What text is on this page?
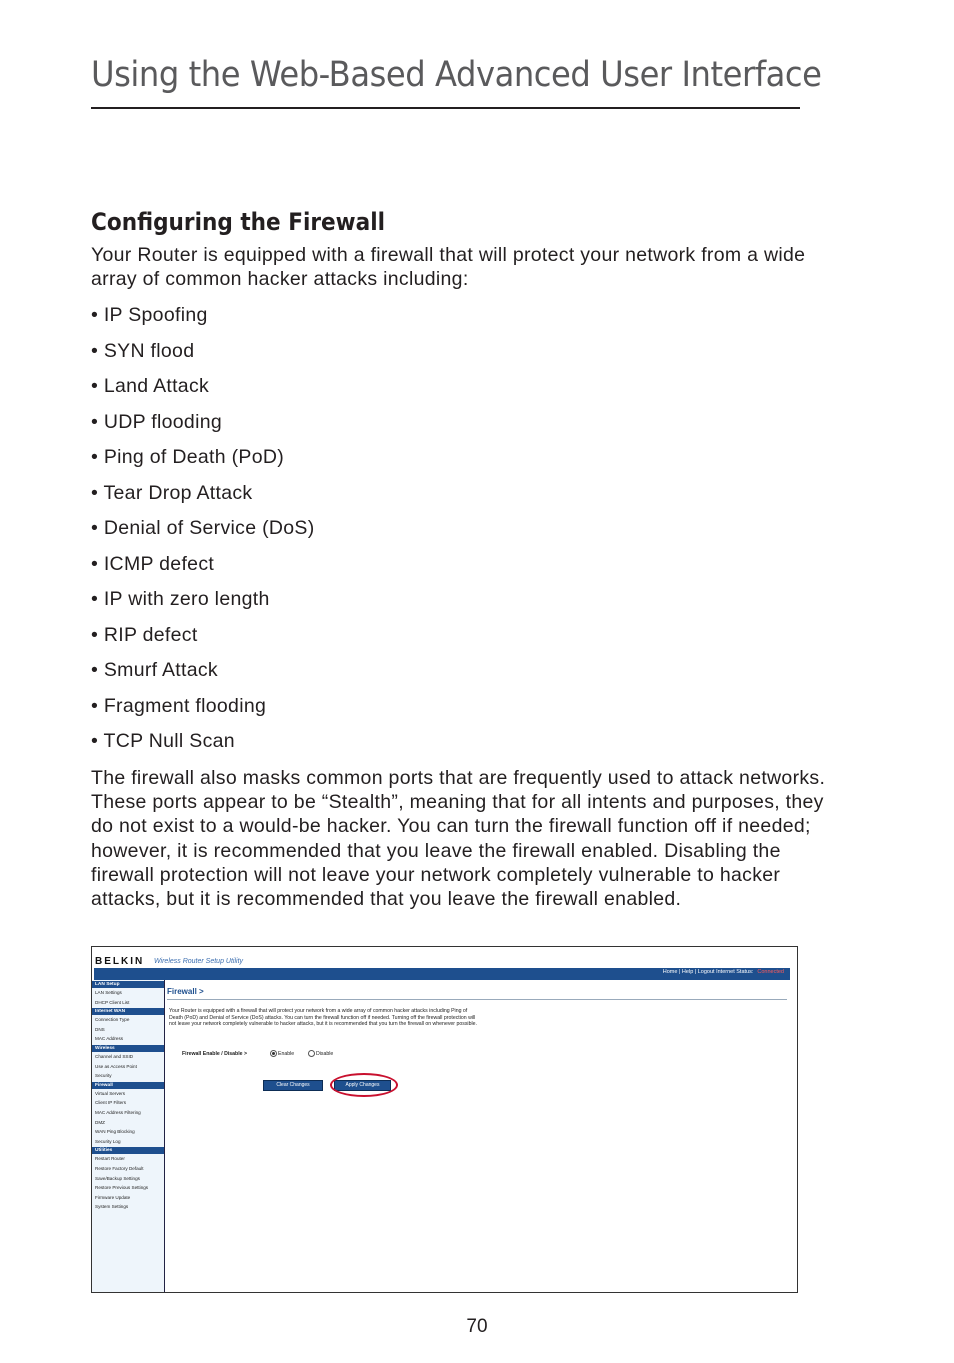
Using the Web-Based Advanced User Interface
Configuring the Firewall

Your Router is equipped with a firewall that will protect your network from a wide array of common hacker attacks including:

• IP Spoofing
• SYN flood
• Land Attack
• UDP flooding
• Ping of Death (PoD)
• Tear Drop Attack
• Denial of Service (DoS)
• ICMP defect
• IP with zero length
• RIP defect
• Smurf Attack
• Fragment flooding
• TCP Null Scan

The firewall also masks common ports that are frequently used to attack networks. These ports appear to be “Stealth”, meaning that for all intents and purposes, they do not exist to a would-be hacker. You can turn the firewall function off if needed; however, it is recommended that you leave the firewall enabled. Disabling the firewall protection will not leave your network completely vulnerable to hacker attacks, but it is recommended that you leave the firewall enabled.

BELKIN Wireless Router Setup Utility
Home | Help | Logout Internet Status: Connected
LAN Setup
LAN Settings
DHCP Client List
Internet WAN
Connection Type
DNS
MAC Address
Wireless
Channel and SSID
Use as Access Point
Security
Firewall
Virtual Servers
Client IP Filters
MAC Address Filtering
DMZ
WAN Ping Blocking
Security Log
Utilities
Restart Router
Restore Factory Default
Save/Backup Settings
Restore Previous Settings
Firmware Update
System Settings
Firewall >

Your Router is equipped with a firewall that will protect your network from a wide array of common hacker attacks including Ping of Death (PoD) and Denial of Service (DoS) attacks. You can turn the firewall function off if needed. Turning off the firewall protection will not leave your network completely vulnerable to hacker attacks, but it is recommended that you turn the firewall on whenever possible.

Firewall Enable / Disable >	Enable	Disable
Clear Changes	Apply Changes
70
